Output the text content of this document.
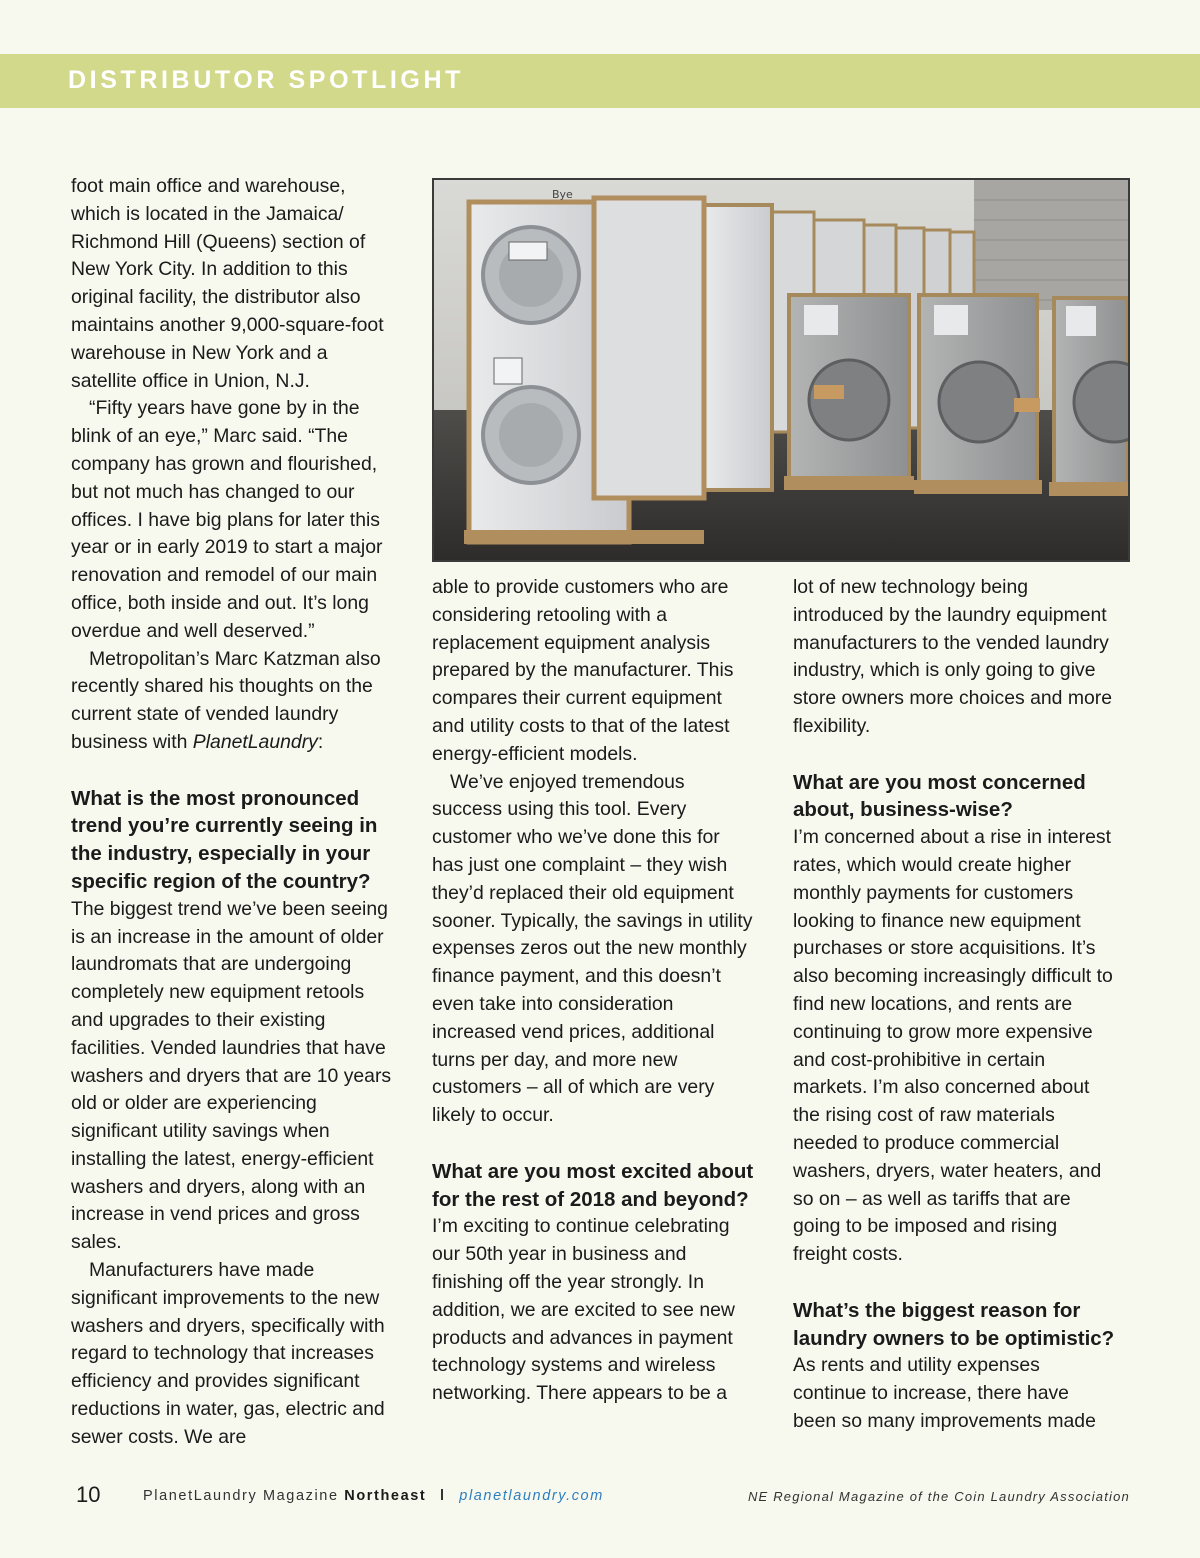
DISTRIBUTOR SPOTLIGHT

foot main office and warehouse, which is located in the Jamaica/ Richmond Hill (Queens) section of New York City. In addition to this original facility, the distributor also maintains another 9,000-square-foot warehouse in New York and a satellite office in Union, N.J.

“Fifty years have gone by in the blink of an eye,” Marc said. “The company has grown and flourished, but not much has changed to our offices. I have big plans for later this year or in early 2019 to start a major renovation and remodel of our main office, both inside and out. It’s long overdue and well deserved.”

Metropolitan’s Marc Katzman also recently shared his thoughts on the current state of vended laundry business with PlanetLaundry:

What is the most pronounced trend you’re currently seeing in the industry, especially in your specific region of the country?

The biggest trend we’ve been seeing is an increase in the amount of older laundromats that are undergoing completely new equipment retools and upgrades to their existing facilities. Vended laundries that have washers and dryers that are 10 years old or older are experiencing significant utility savings when installing the latest, energy-efficient washers and dryers, along with an increase in vend prices and gross sales.

Manufacturers have made significant improvements to the new washers and dryers, specifically with regard to technology that increases efficiency and provides significant reductions in water, gas, electric and sewer costs. We are

Bye

able to provide customers who are considering retooling with a replacement equipment analysis prepared by the manufacturer. This compares their current equipment and utility costs to that of the latest energy-efficient models.

We’ve enjoyed tremendous success using this tool. Every customer who we’ve done this for has just one complaint – they wish they’d replaced their old equipment sooner. Typically, the savings in utility expenses zeros out the new monthly finance payment, and this doesn’t even take into consideration increased vend prices, additional turns per day, and more new customers – all of which are very likely to occur.

What are you most excited about for the rest of 2018 and beyond?

I’m exciting to continue celebrating our 50th year in business and finishing off the year strongly. In addition, we are excited to see new products and advances in payment technology systems and wireless networking. There appears to be a

lot of new technology being introduced by the laundry equipment manufacturers to the vended laundry industry, which is only going to give store owners more choices and more flexibility.

What are you most concerned about, business-wise?

I’m concerned about a rise in interest rates, which would create higher monthly payments for customers looking to finance new equipment purchases or store acquisitions. It’s also becoming increasingly difficult to find new locations, and rents are continuing to grow more expensive and cost-prohibitive in certain markets. I’m also concerned about the rising cost of raw materials needed to produce commercial washers, dryers, water heaters, and so on – as well as tariffs that are going to be imposed and rising freight costs.

What’s the biggest reason for laundry owners to be optimistic?

As rents and utility expenses continue to increase, there have been so many improvements made

10	PlanetLaundry Magazine Northeast l planetlaundry.com	NE Regional Magazine of the Coin Laundry Association
